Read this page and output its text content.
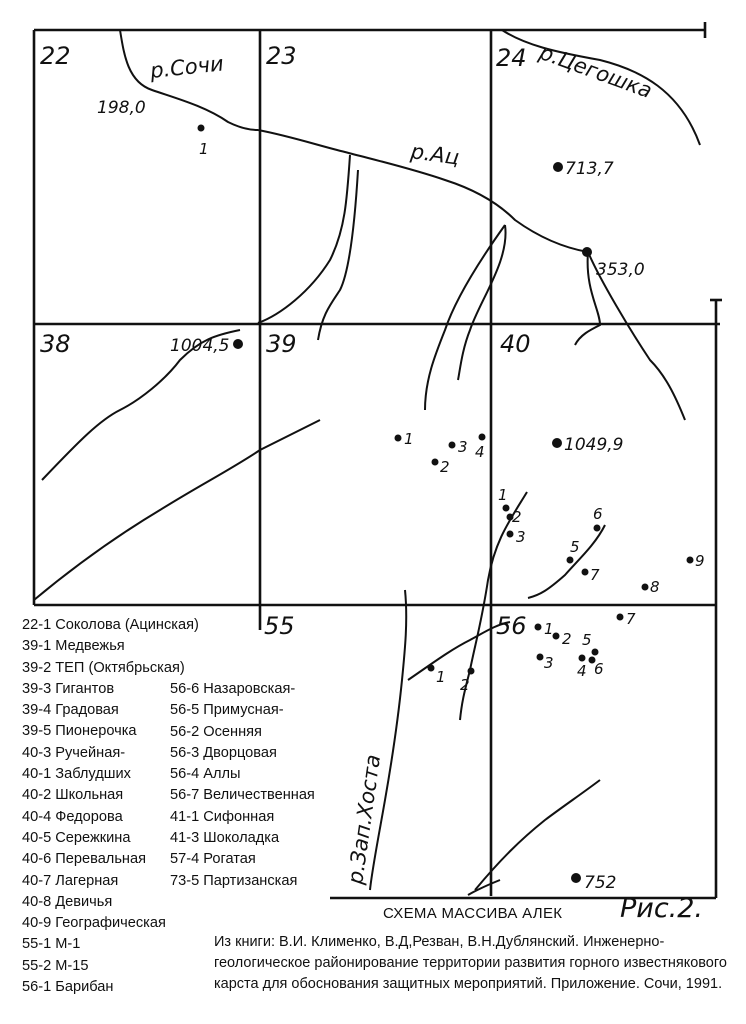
22	23	24
38	39	40
55	56
р.Сочи	р.Цегошка
р.Ац
р.Зап.Хоста
198,0
713,7
353,0
1004,5
1049,9
752
1
1
2
3 4
1
2
3
5
6
7
8
9
1 2
1
2
3 4
5
6
7
22-1 Соколова (Ацинская)
39-1 Медвежья
39-2 ТЕП (Октябрьская)
39-3 Гигантов
39-4 Градовая
39-5 Пионерочка
40-3 Ручейная-
40-1 Заблудших
40-2 Школьная
40-4 Федорова
40-5 Сережкина
40-6 Перевальная
40-7 Лагерная
40-8 Девичья
40-9 Географическая
55-1 М-1
55-2 М-15
56-1 Барибан
56-6 Назаровская-
56-5 Примусная-
56-2 Осенняя
56-3 Дворцовая
56-4 Аллы
56-7 Величественная
41-1 Сифонная
41-3 Шоколадка
57-4 Рогатая
73-5 Партизанская
СХЕМА МАССИВА АЛЕК Рис.2.
Из книги: В.И. Клименко, В.Д,Резван, В.Н.Дублянский. Инженерно-геологическое районирование территории развития горного известнякового карста для обоснования защитных мероприятий. Приложение. Сочи, 1991.
